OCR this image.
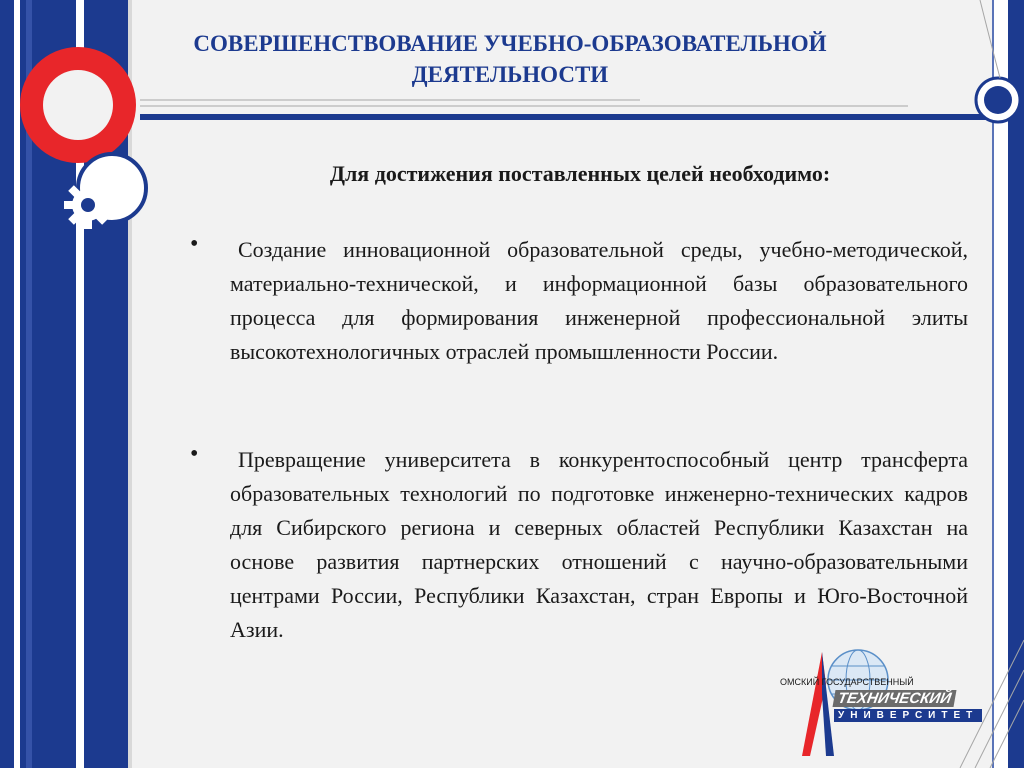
СОВЕРШЕНСТВОВАНИЕ УЧЕБНО-ОБРАЗОВАТЕЛЬНОЙ
ДЕЯТЕЛЬНОСТИ

Для достижения поставленных целей необходимо:

•	Создание инновационной образовательной среды, учебно-методической, материально-технической, и информационной базы образовательного процесса для формирования инженерной профессиональной элиты высокотехнологичных отраслей промышленности России.

•	Превращение университета в конкурентоспособный центр трансферта образовательных технологий по подготовке инженерно-технических кадров для Сибирского региона и северных областей Республики Казахстан на основе развития партнерских отношений с научно-образовательными центрами России, Республики Казахстан, стран Европы и Юго-Восточной Азии.

ОМСКИЙ ГОСУДАРСТВЕННЫЙ
ТЕХНИЧЕСКИЙ
УНИВЕРСИТЕТ
